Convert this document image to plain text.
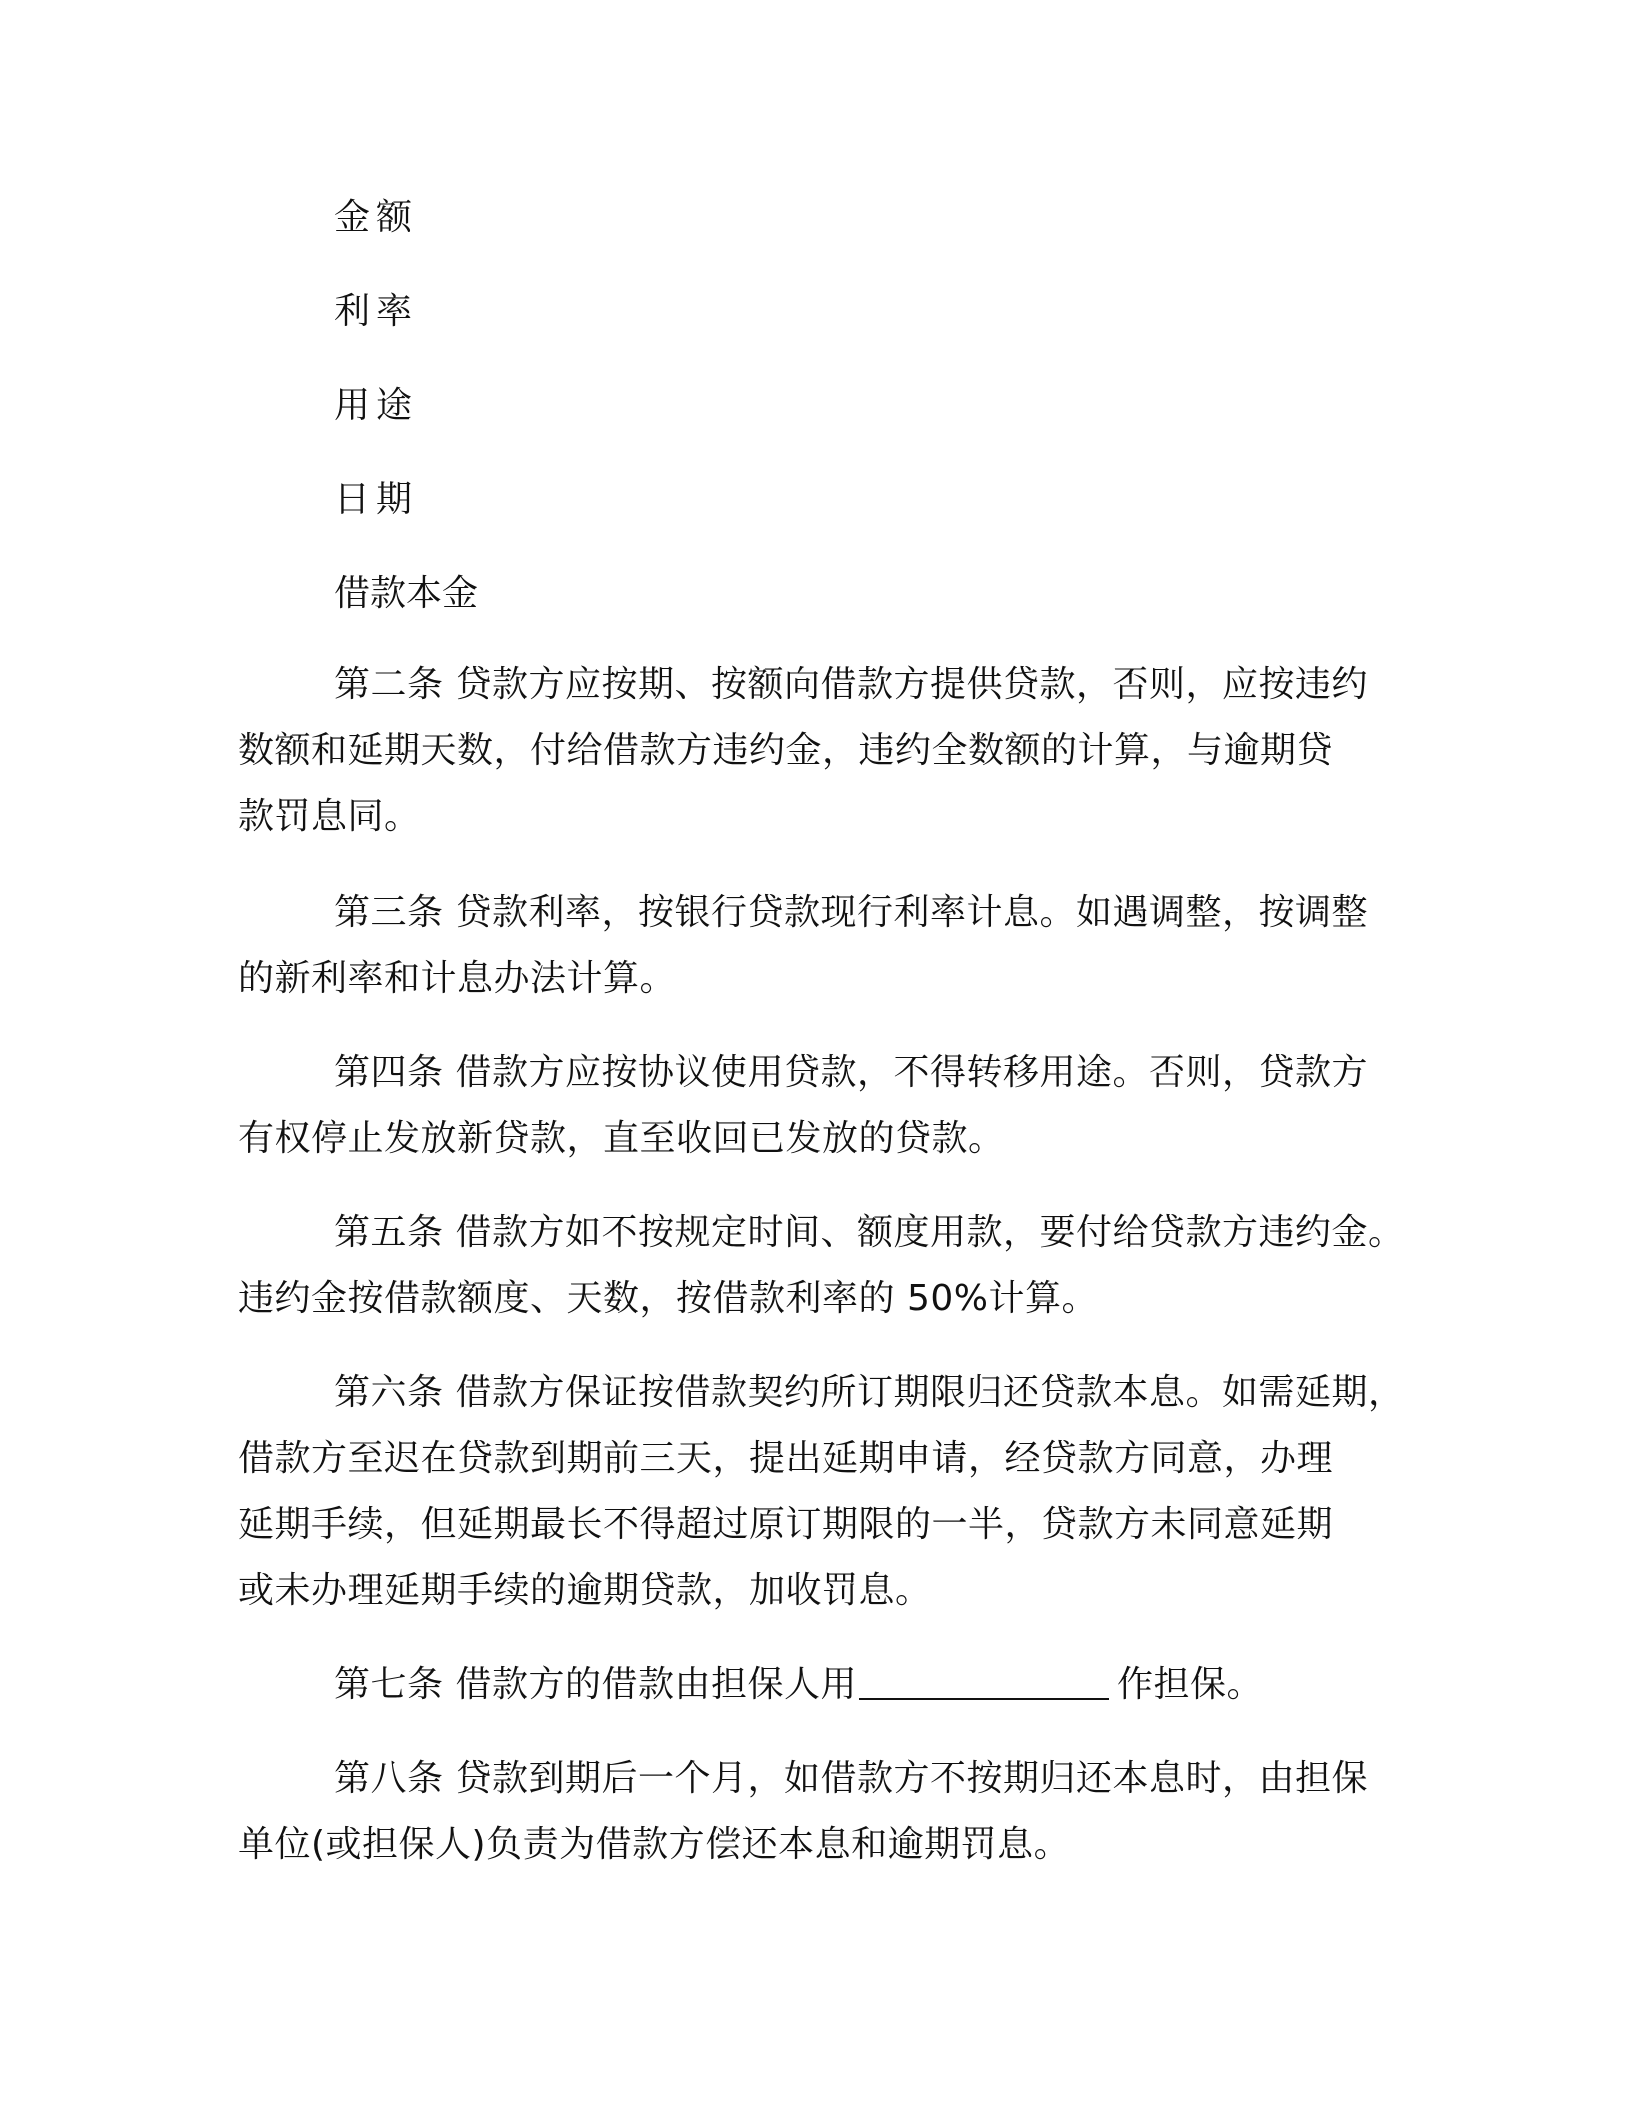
金额
利率
用途
日期
借款本金
第二条 贷款方应按期、按额向借款方提供贷款，否则，应按违约
数额和延期天数，付给借款方违约金，违约全数额的计算，与逾期贷
款罚息同。
第三条 贷款利率，按银行贷款现行利率计息。如遇调整，按调整
的新利率和计息办法计算。
第四条 借款方应按协议使用贷款，不得转移用途。否则，贷款方
有权停止发放新贷款，直至收回已发放的贷款。
第五条 借款方如不按规定时间、额度用款，要付给贷款方违约金。
违约金按借款额度、天数，按借款利率的 50%计算。
第六条 借款方保证按借款契约所订期限归还贷款本息。如需延期，
借款方至迟在贷款到期前三天，提出延期申请，经贷款方同意，办理
延期手续，但延期最长不得超过原订期限的一半，贷款方未同意延期
或未办理延期手续的逾期贷款，加收罚息。
第七条 借款方的借款由担保人用	作担保。
第八条 贷款到期后一个月，如借款方不按期归还本息时，由担保
单位(或担保人)负责为借款方偿还本息和逾期罚息。
